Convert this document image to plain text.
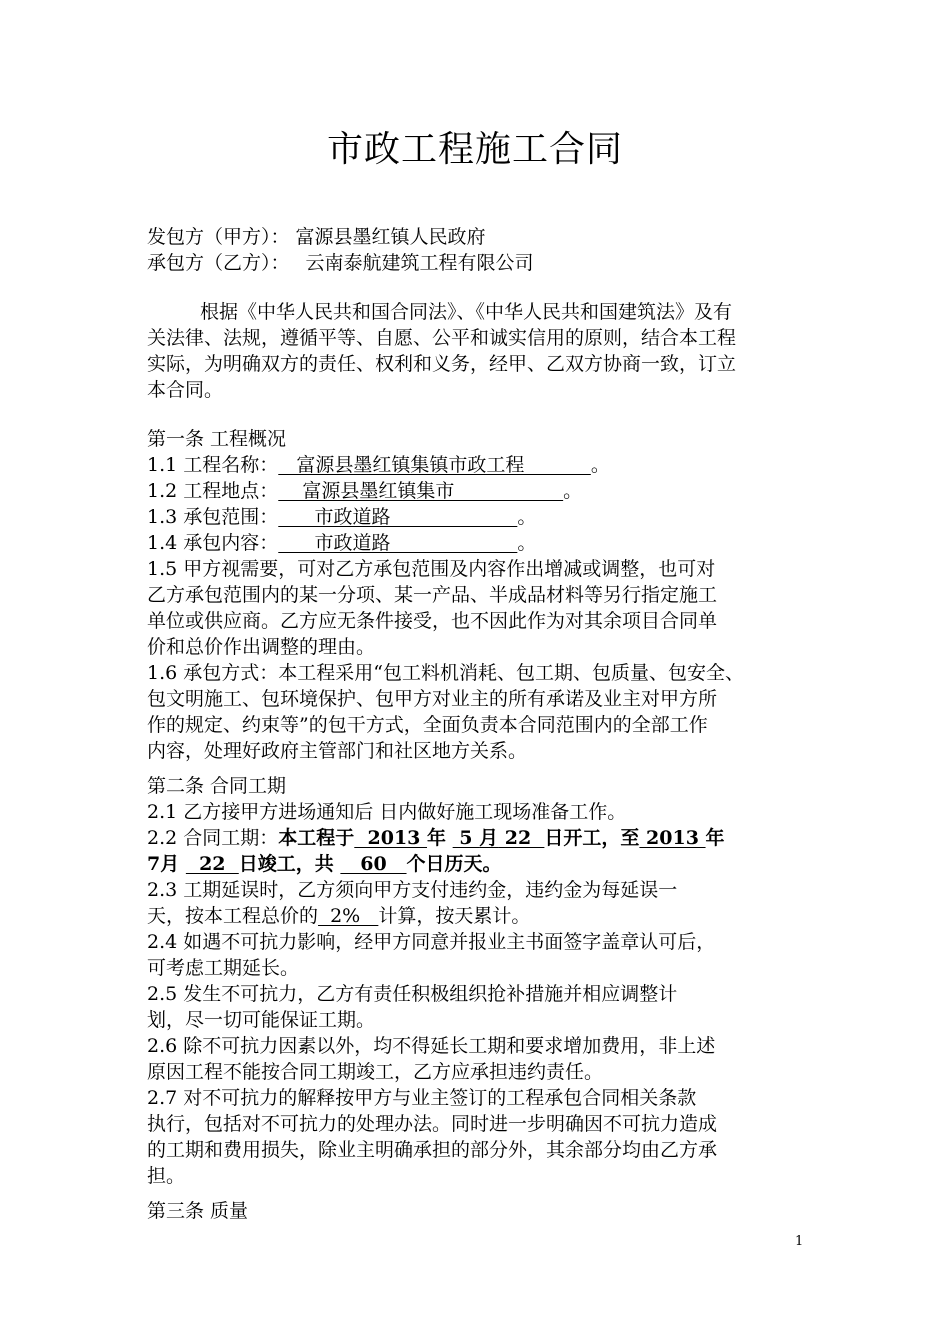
市政工程施工合同
发包方（甲方）： 富源县墨红镇人民政府
承包方（乙方）： 云南泰航建筑工程有限公司
根据《中华人民共和国合同法》、《中华人民共和国建筑法》及有
关法律、法规，遵循平等、自愿、公平和诚实信用的原则，结合本工程
实际，为明确双方的责任、权利和义务，经甲、乙双方协商一致，订立
本合同。
第一条 工程概况
1.1 工程名称：   富源县墨红镇集镇市政工程           。
1.2 工程地点：    富源县墨红镇集市                  。
1.3 承包范围：      市政道路                     。
1.4 承包内容：      市政道路                     。
1.5 甲方视需要，可对乙方承包范围及内容作出增减或调整，也可对
乙方承包范围内的某一分项、某一产品、半成品材料等另行指定施工
单位或供应商。乙方应无条件接受，也不因此作为对其余项目合同单
价和总价作出调整的理由。
1.6 承包方式：本工程采用“包工料机消耗、包工期、包质量、包安全、
包文明施工、包环境保护、包甲方对业主的所有承诺及业主对甲方所
作的规定、约束等”的包干方式，全面负责本合同范围内的全部工作
内容，处理好政府主管部门和社区地方关系。
第二条 合同工期
2.1 乙方接甲方进场通知后 日内做好施工现场准备工作。
2.2 合同工期：本工程于  2013 年  5 月 22  日开工，至 2013 年
7月   22  日竣工，共    60   个日历天。
2.3 工期延误时，乙方须向甲方支付违约金，违约金为每延误一
天，按本工程总价的  2%   计算，按天累计。
2.4 如遇不可抗力影响，经甲方同意并报业主书面签字盖章认可后，
可考虑工期延长。
2.5 发生不可抗力，乙方有责任积极组织抢补措施并相应调整计
划，尽一切可能保证工期。
2.6 除不可抗力因素以外，均不得延长工期和要求增加费用，非上述
原因工程不能按合同工期竣工，乙方应承担违约责任。
2.7 对不可抗力的解释按甲方与业主签订的工程承包合同相关条款
执行，包括对不可抗力的处理办法。同时进一步明确因不可抗力造成
的工期和费用损失，除业主明确承担的部分外，其余部分均由乙方承
担。
第三条 质量
1
